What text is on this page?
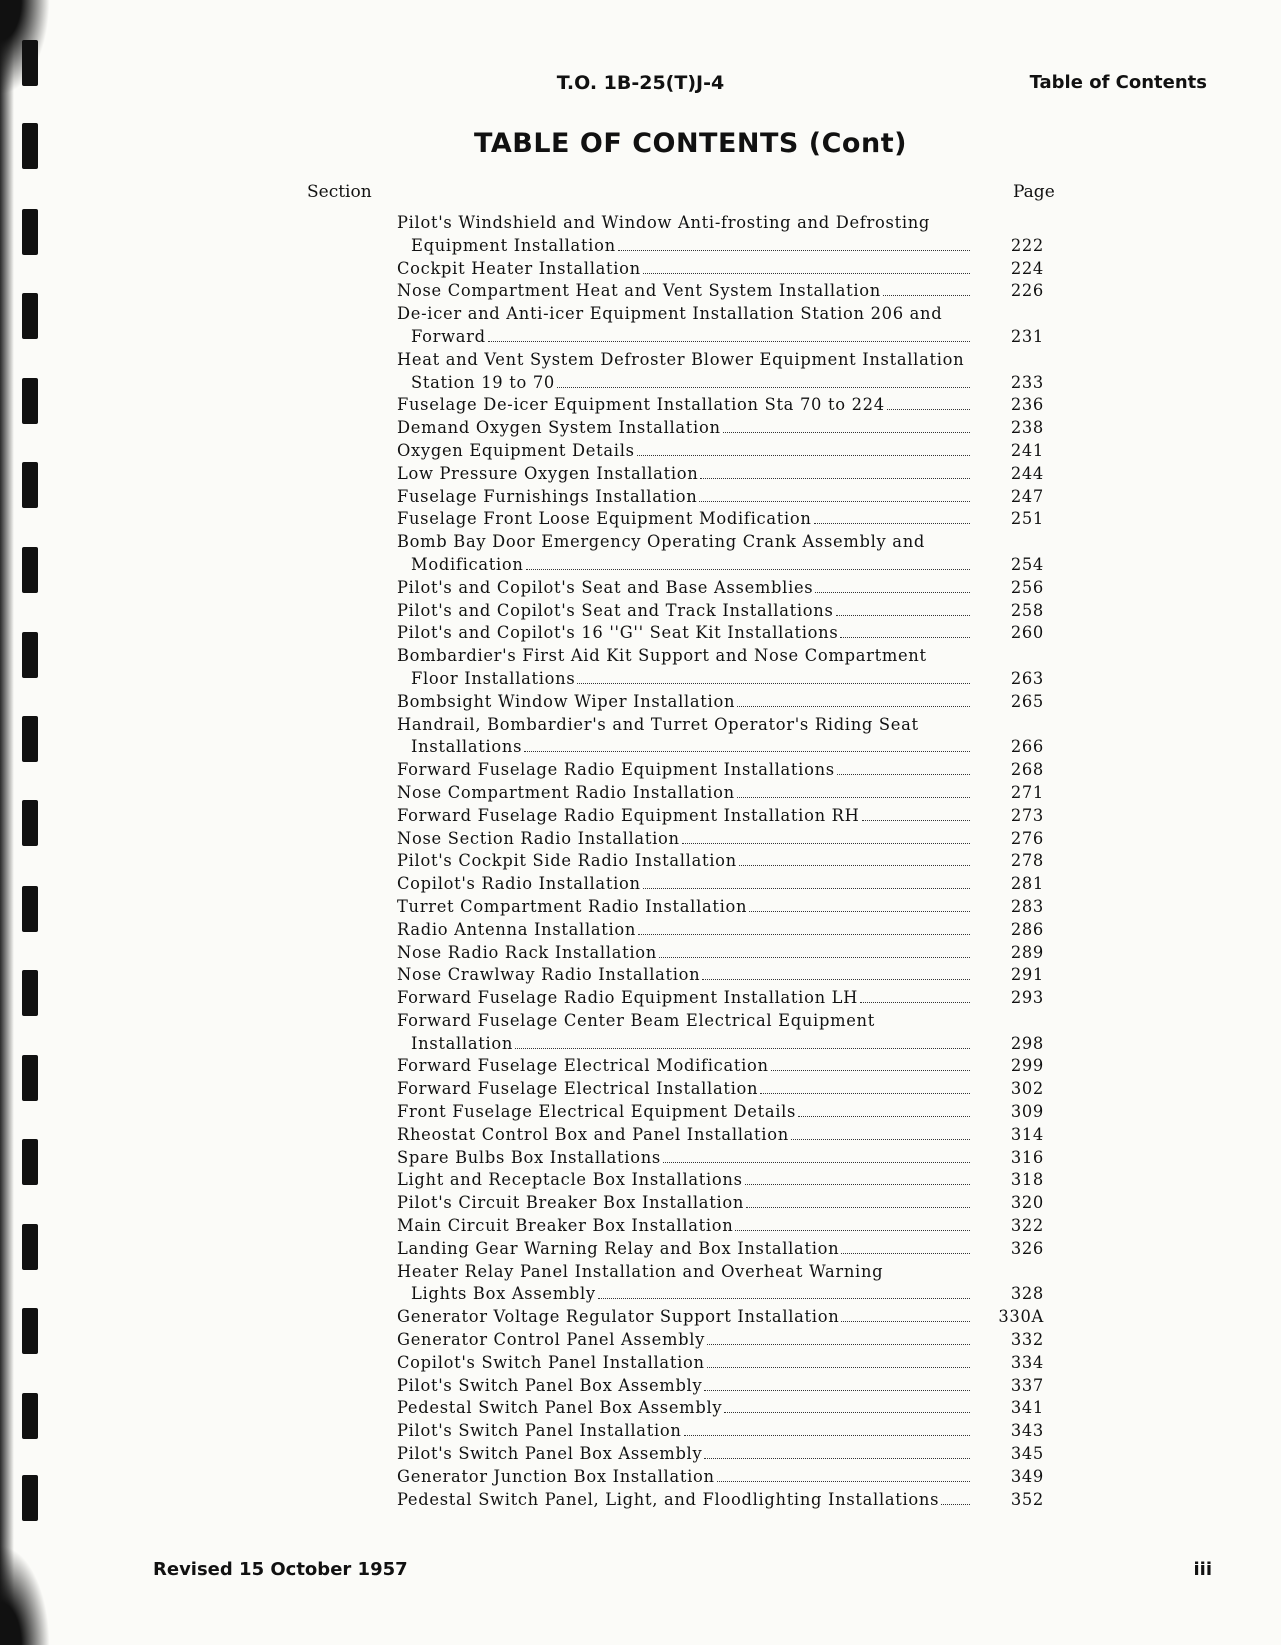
T.O. 1B-25(T)J-4	Table of Contents
TABLE OF CONTENTS (Cont)
Section	Page
Pilot's Windshield and Window Anti-frosting and Defrosting
Equipment Installation	222
Cockpit Heater Installation	224
Nose Compartment Heat and Vent System Installation	226
De-icer and Anti-icer Equipment Installation Station 206 and
Forward	231
Heat and Vent System Defroster Blower Equipment Installation
Station 19 to 70	233
Fuselage De-icer Equipment Installation Sta 70 to 224	236
Demand Oxygen System Installation	238
Oxygen Equipment Details	241
Low Pressure Oxygen Installation	244
Fuselage Furnishings Installation	247
Fuselage Front Loose Equipment Modification	251
Bomb Bay Door Emergency Operating Crank Assembly and
Modification	254
Pilot's and Copilot's Seat and Base Assemblies	256
Pilot's and Copilot's Seat and Track Installations	258
Pilot's and Copilot's 16 ''G'' Seat Kit Installations	260
Bombardier's First Aid Kit Support and Nose Compartment
Floor Installations	263
Bombsight Window Wiper Installation	265
Handrail, Bombardier's and Turret Operator's Riding Seat
Installations	266
Forward Fuselage Radio Equipment Installations	268
Nose Compartment Radio Installation	271
Forward Fuselage Radio Equipment Installation RH	273
Nose Section Radio Installation	276
Pilot's Cockpit Side Radio Installation	278
Copilot's Radio Installation	281
Turret Compartment Radio Installation	283
Radio Antenna Installation	286
Nose Radio Rack Installation	289
Nose Crawlway Radio Installation	291
Forward Fuselage Radio Equipment Installation LH	293
Forward Fuselage Center Beam Electrical Equipment
Installation	298
Forward Fuselage Electrical Modification	299
Forward Fuselage Electrical Installation	302
Front Fuselage Electrical Equipment Details	309
Rheostat Control Box and Panel Installation	314
Spare Bulbs Box Installations	316
Light and Receptacle Box Installations	318
Pilot's Circuit Breaker Box Installation	320
Main Circuit Breaker Box Installation	322
Landing Gear Warning Relay and Box Installation	326
Heater Relay Panel Installation and Overheat Warning
Lights Box Assembly	328
Generator Voltage Regulator Support Installation	330A
Generator Control Panel Assembly	332
Copilot's Switch Panel Installation	334
Pilot's Switch Panel Box Assembly	337
Pedestal Switch Panel Box Assembly	341
Pilot's Switch Panel Installation	343
Pilot's Switch Panel Box Assembly	345
Generator Junction Box Installation	349
Pedestal Switch Panel, Light, and Floodlighting Installations	352
Revised 15 October 1957	iii
